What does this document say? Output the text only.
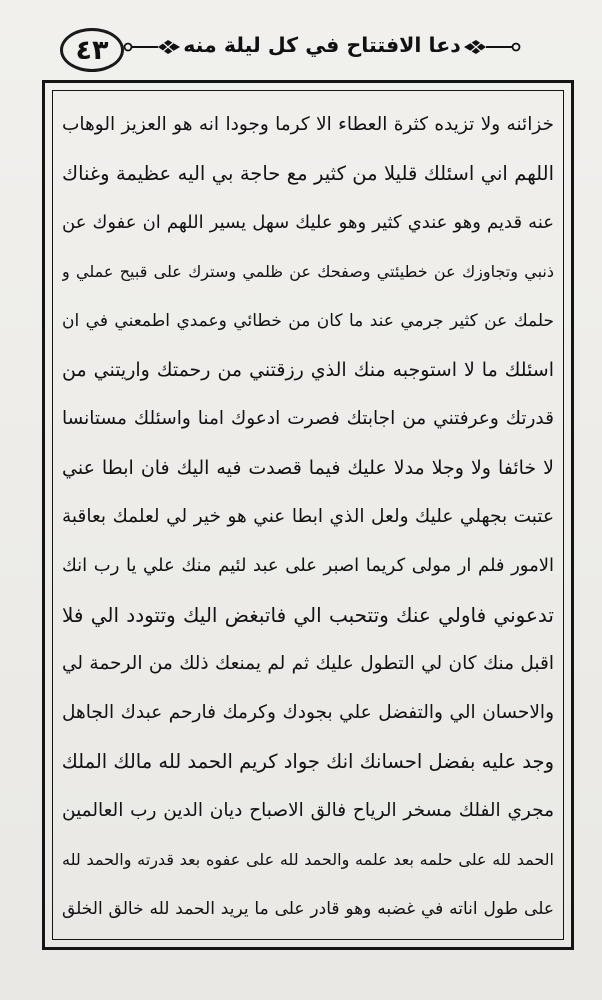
٤٣	دعا الافتتاح في كل ليلة منه
خزائنه ولا تزيده كثرة العطاء الا كرما وجودا انه هو العزيز الوهاب
اللهم اني اسئلك قليلا من كثير مع حاجة بي اليه عظيمة وغناك
عنه قديم وهو عندي كثير وهو عليك سهل يسير اللهم ان عفوك عن
ذنبي وتجاوزك عن خطيئتي وصفحك عن ظلمي وسترك على قبيح عملي و
حلمك عن كثير جرمي عند ما كان من خطائي وعمدي اطمعني في ان
اسئلك ما لا استوجبه منك الذي رزقتني من رحمتك واريتني من
قدرتك وعرفتني من اجابتك فصرت ادعوك امنا واسئلك مستانسا
لا خائفا ولا وجلا مدلا عليك فيما قصدت فيه اليك فان ابطا عني
عتبت بجهلي عليك ولعل الذي ابطا عني هو خير لي لعلمك بعاقبة
الامور فلم ار مولى كريما اصبر على عبد لئيم منك علي يا رب انك
تدعوني فاولي عنك وتتحبب الي فاتبغض اليك وتتودد الي فلا
اقبل منك كان لي التطول عليك ثم لم يمنعك ذلك من الرحمة لي
والاحسان الي والتفضل علي بجودك وكرمك فارحم عبدك الجاهل
وجد عليه بفضل احسانك انك جواد كريم الحمد لله مالك الملك
مجري الفلك مسخر الرياح فالق الاصباح ديان الدين رب العالمين
الحمد لله على حلمه بعد علمه والحمد لله على عفوه بعد قدرته والحمد لله
على طول اناته في غضبه وهو قادر على ما يريد الحمد لله خالق الخلق
